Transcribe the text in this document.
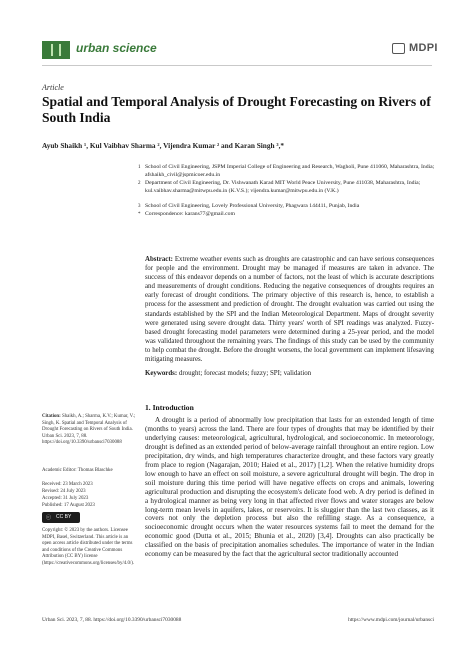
urban science	MDPI
Article
Spatial and Temporal Analysis of Drought Forecasting on Rivers of South India
Ayub Shaikh ¹, Kul Vaibhav Sharma ², Vijendra Kumar ² and Karan Singh ³,*
1 School of Civil Engineering, JSPM Imperial College of Engineering and Research, Wagholi, Pune 411060, Maharashtra, India; afshaikh_civil@jspmicoer.edu.in
2 Department of Civil Engineering, Dr. Vishwanath Karad MIT World Peace University, Pune 411038, Maharashtra, India; kul.vaibhav.sharma@mitwpu.edu.in (K.V.S.); vijendra.kumar@mitwpu.edu.in (V.K.)
3 School of Civil Engineering, Lovely Professional University, Phagwara 144411, Punjab, India
* Correspondence: karans77@gmail.com
Abstract: Extreme weather events such as droughts are catastrophic and can have serious consequences for people and the environment. Drought may be managed if measures are taken in advance. The success of this endeavor depends on a number of factors, not the least of which is accurate descriptions and measurements of drought conditions. Reducing the negative consequences of droughts requires an early forecast of drought conditions. The primary objective of this research is, hence, to establish a process for the assessment and prediction of drought. The drought evaluation was carried out using the standards established by the SPI and the Indian Meteorological Department. Maps of drought severity were generated using severe drought data. Thirty years' worth of SPI readings was analyzed. Fuzzy-based drought forecasting model parameters were determined during a 25-year period, and the model was validated throughout the remaining years. The findings of this study can be used by the community to help combat the drought. Before the drought worsens, the local government can implement lifesaving mitigating measures.
Keywords: drought; forecast models; fuzzy; SPI; validation
Citation: Shaikh, A.; Sharma, K.V.; Kumar, V.; Singh, K. Spatial and Temporal Analysis of Drought Forecasting on Rivers of South India. Urban Sci. 2023, 7, 88. https://doi.org/10.3390/urbansci7030088
Academic Editor: Thomas Blaschke
Received: 23 March 2023
Revised: 24 July 2023
Accepted: 31 July 2023
Published: 17 August 2023
ⓒ CC BY
Copyright: © 2023 by the authors. Licensee MDPI, Basel, Switzerland. This article is an open access article distributed under the terms and conditions of the Creative Commons Attribution (CC BY) license (https://creativecommons.org/licenses/by/4.0/).
1. Introduction
A drought is a period of abnormally low precipitation that lasts for an extended length of time (months to years) across the land. There are four types of droughts that may be identified by their underlying causes: meteorological, agricultural, hydrological, and socioeconomic. In meteorology, drought is defined as an extended period of below-average rainfall throughout an entire region. Low precipitation, dry winds, and high temperatures characterize drought, and these factors vary greatly from place to region (Nagarajan, 2010; Haied et al., 2017) [1,2]. When the relative humidity drops low enough to have an effect on soil moisture, a severe agricultural drought will begin. The drop in soil moisture during this time period will have negative effects on crops and animals, lowering agricultural production and disrupting the ecosystem's delicate food web. A dry period is defined in a hydrological manner as being very long in that affected river flows and water storages are below long-term mean levels in aquifers, lakes, or reservoirs. It is sluggier than the last two classes, as it covers not only the depletion process but also the refilling stage. As a consequence, a socioeconomic drought occurs when the water resources systems fail to meet the demand for the economic good (Dutta et al., 2015; Bhunia et al., 2020) [3,4]. Droughts can also practically be classified on the basis of precipitation anomalies schedules. The importance of water in the Indian economy can be measured by the fact that the agricultural sector traditionally accounted
Urban Sci. 2023, 7, 88. https://doi.org/10.3390/urbansci7030088	https://www.mdpi.com/journal/urbansci
